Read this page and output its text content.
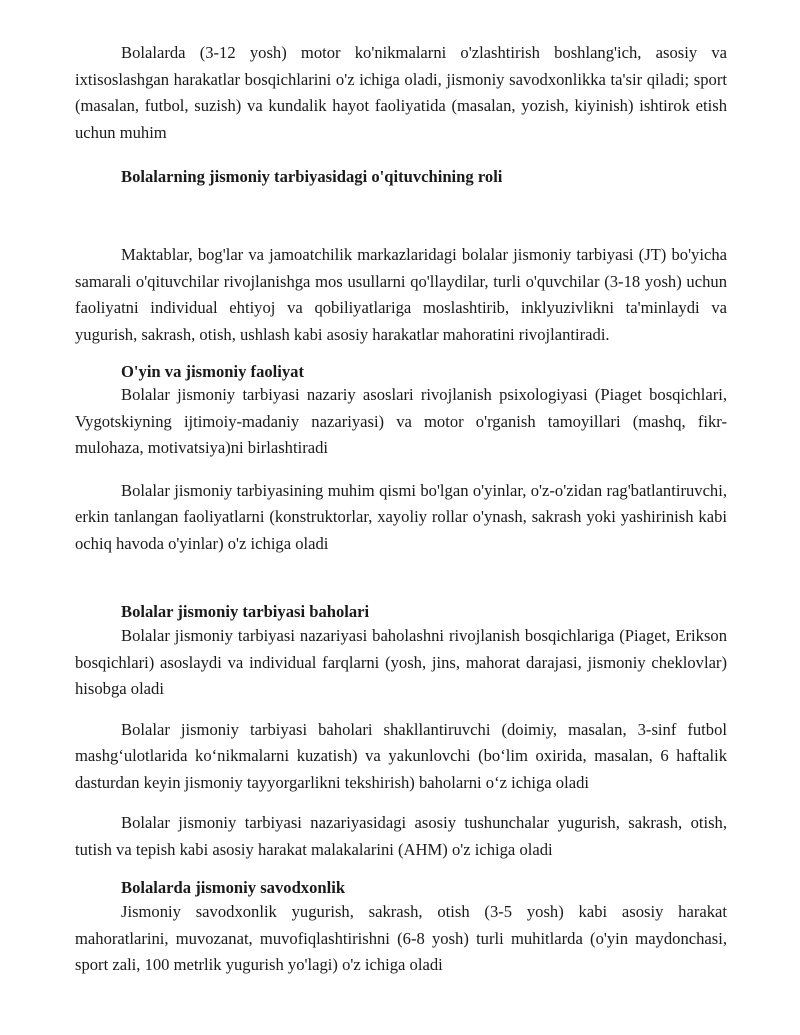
Bolalarda (3-12 yosh) motor ko'nikmalarni o'zlashtirish boshlang'ich, asosiy va ixtisoslashgan harakatlar bosqichlarini o'z ichiga oladi, jismoniy savodxonlikka ta'sir qiladi; sport (masalan, futbol, suzish) va kundalik hayot faoliyatida (masalan, yozish, kiyinish) ishtirok etish uchun muhim

Bolalarning jismoniy tarbiyasidagi o'qituvchining roli

Maktablar, bog'lar va jamoatchilik markazlaridagi bolalar jismoniy tarbiyasi (JT) bo'yicha samarali o'qituvchilar rivojlanishga mos usullarni qo'llaydilar, turli o'quvchilar (3-18 yosh) uchun faoliyatni individual ehtiyoj va qobiliyatlariga moslashtirib, inklyuzivlikni ta'minlaydi va yugurish, sakrash, otish, ushlash kabi asosiy harakatlar mahoratini rivojlantiradi.

O'yin va jismoniy faoliyat

Bolalar jismoniy tarbiyasi nazariy asoslari rivojlanish psixologiyasi (Piaget bosqichlari, Vygotskiyning ijtimoiy-madaniy nazariyasi) va motor o'rganish tamoyillari (mashq, fikr-mulohaza, motivatsiya)ni birlashtiradi

Bolalar jismoniy tarbiyasining muhim qismi bo'lgan o'yinlar, o'z-o'zidan rag'batlantiruvchi, erkin tanlangan faoliyatlarni (konstruktorlar, xayoliy rollar o'ynash, sakrash yoki yashirinish kabi ochiq havoda o'yinlar) o'z ichiga oladi

Bolalar jismoniy tarbiyasi baholari

Bolalar jismoniy tarbiyasi nazariyasi baholashni rivojlanish bosqichlariga (Piaget, Erikson bosqichlari) asoslaydi va individual farqlarni (yosh, jins, mahorat darajasi, jismoniy cheklovlar) hisobga oladi

Bolalar jismoniy tarbiyasi baholari shakllantiruvchi (doimiy, masalan, 3-sinf futbol mashg‘ulotlarida ko‘nikmalarni kuzatish) va yakunlovchi (bo‘lim oxirida, masalan, 6 haftalik dasturdan keyin jismoniy tayyorgarlikni tekshirish) baholarni o‘z ichiga oladi

Bolalar jismoniy tarbiyasi nazariyasidagi asosiy tushunchalar yugurish, sakrash, otish, tutish va tepish kabi asosiy harakat malakalarini (AHM) o'z ichiga oladi

Bolalarda jismoniy savodxonlik

Jismoniy savodxonlik yugurish, sakrash, otish (3-5 yosh) kabi asosiy harakat mahoratlarini, muvozanat, muvofiqlashtirishni (6-8 yosh) turli muhitlarda (o'yin maydonchasi, sport zali, 100 metrlik yugurish yo'lagi) o'z ichiga oladi
